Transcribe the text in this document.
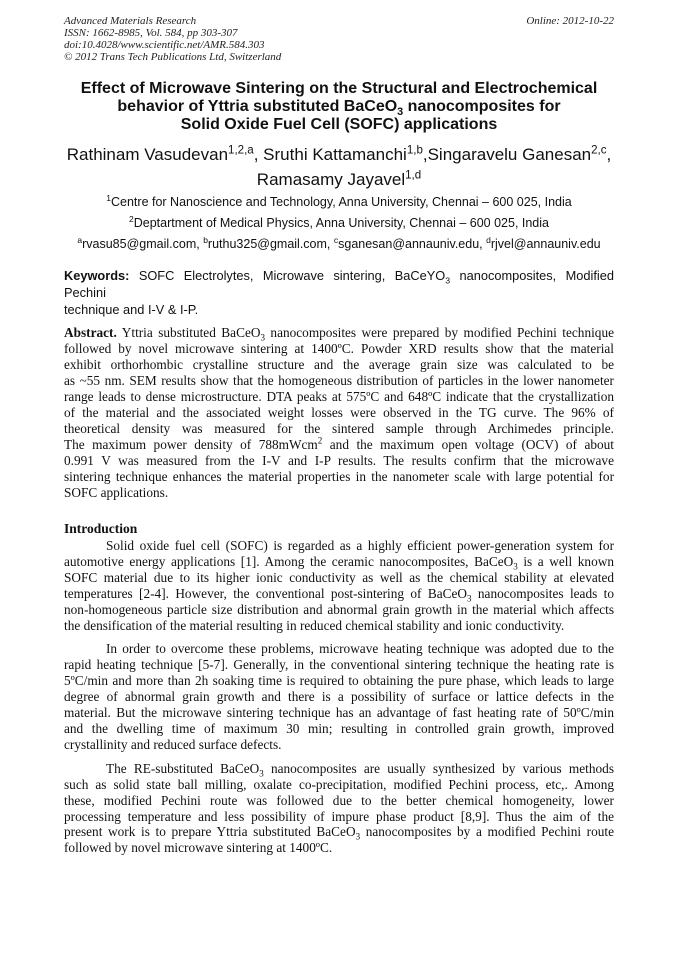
Advanced Materials Research
ISSN: 1662-8985, Vol. 584, pp 303-307
doi:10.4028/www.scientific.net/AMR.584.303
© 2012 Trans Tech Publications Ltd, Switzerland
Online: 2012-10-22
Effect of Microwave Sintering on the Structural and Electrochemical
behavior of Yttria substituted BaCeO$_3$ nanocomposites for
Solid Oxide Fuel Cell (SOFC) applications
Rathinam Vasudevan$^{1,2,a}$, Sruthi Kattamanchi$^{1,b}$,Singaravelu Ganesan$^{2,c}$,
Ramasamy Jayavel$^{1,d}$
$^1$Centre for Nanoscience and Technology, Anna University, Chennai – 600 025, India
$^2$Deptartment of Medical Physics, Anna University, Chennai – 600 025, India
$^a$rvasu85@gmail.com, $^b$ruthu325@gmail.com, $^c$sganesan@annauniv.edu, $^d$rjvel@annauniv.edu
Keywords: SOFC Electrolytes, Microwave sintering, BaCeYO$_3$ nanocomposites, Modified Pechini
technique and I-V & I-P.
Abstract. Yttria substituted BaCeO$_3$ nanocomposites were prepared by modified Pechini technique
followed by novel microwave sintering at 1400ºC. Powder XRD results show that the material
exhibit orthorhombic crystalline structure and the average grain size was calculated to be
as ~55 nm. SEM results show that the homogeneous distribution of particles in the lower nanometer
range leads to dense microstructure. DTA peaks at 575ºC and 648ºC indicate that the crystallization
of the material and the associated weight losses were observed in the TG curve. The 96% of
theoretical density was measured for the sintered sample through Archimedes principle.
The maximum power density of 788mWcm$^2$ and the maximum open voltage (OCV) of about
0.991 V was measured from the I-V and I-P results. The results confirm that the microwave
sintering technique enhances the material properties in the nanometer scale with large potential for
SOFC applications.
Introduction
Solid oxide fuel cell (SOFC) is regarded as a highly efficient power-generation system for
automotive energy applications [1]. Among the ceramic nanocomposites, BaCeO$_3$ is a well known
SOFC material due to its higher ionic conductivity as well as the chemical stability at elevated
temperatures [2-4]. However, the conventional post-sintering of BaCeO$_3$ nanocomposites leads to
non-homogeneous particle size distribution and abnormal grain growth in the material which affects
the densification of the material resulting in reduced chemical stability and ionic conductivity.
In order to overcome these problems, microwave heating technique was adopted due to the
rapid heating technique [5-7]. Generally, in the conventional sintering technique the heating rate is
5ºC/min and more than 2h soaking time is required to obtaining the pure phase, which leads to large
degree of abnormal grain growth and there is a possibility of surface or lattice defects in the
material. But the microwave sintering technique has an advantage of fast heating rate of 50ºC/min
and the dwelling time of maximum 30 min; resulting in controlled grain growth, improved
crystallinity and reduced surface defects.
The RE-substituted BaCeO$_3$ nanocomposites are usually synthesized by various methods
such as solid state ball milling, oxalate co-precipitation, modified Pechini process, etc,. Among
these, modified Pechini route was followed due to the better chemical homogeneity, lower
processing temperature and less possibility of impure phase product [8,9]. Thus the aim of the
present work is to prepare Yttria substituted BaCeO$_3$ nanocomposites by a modified Pechini route
followed by novel microwave sintering at 1400ºC.
